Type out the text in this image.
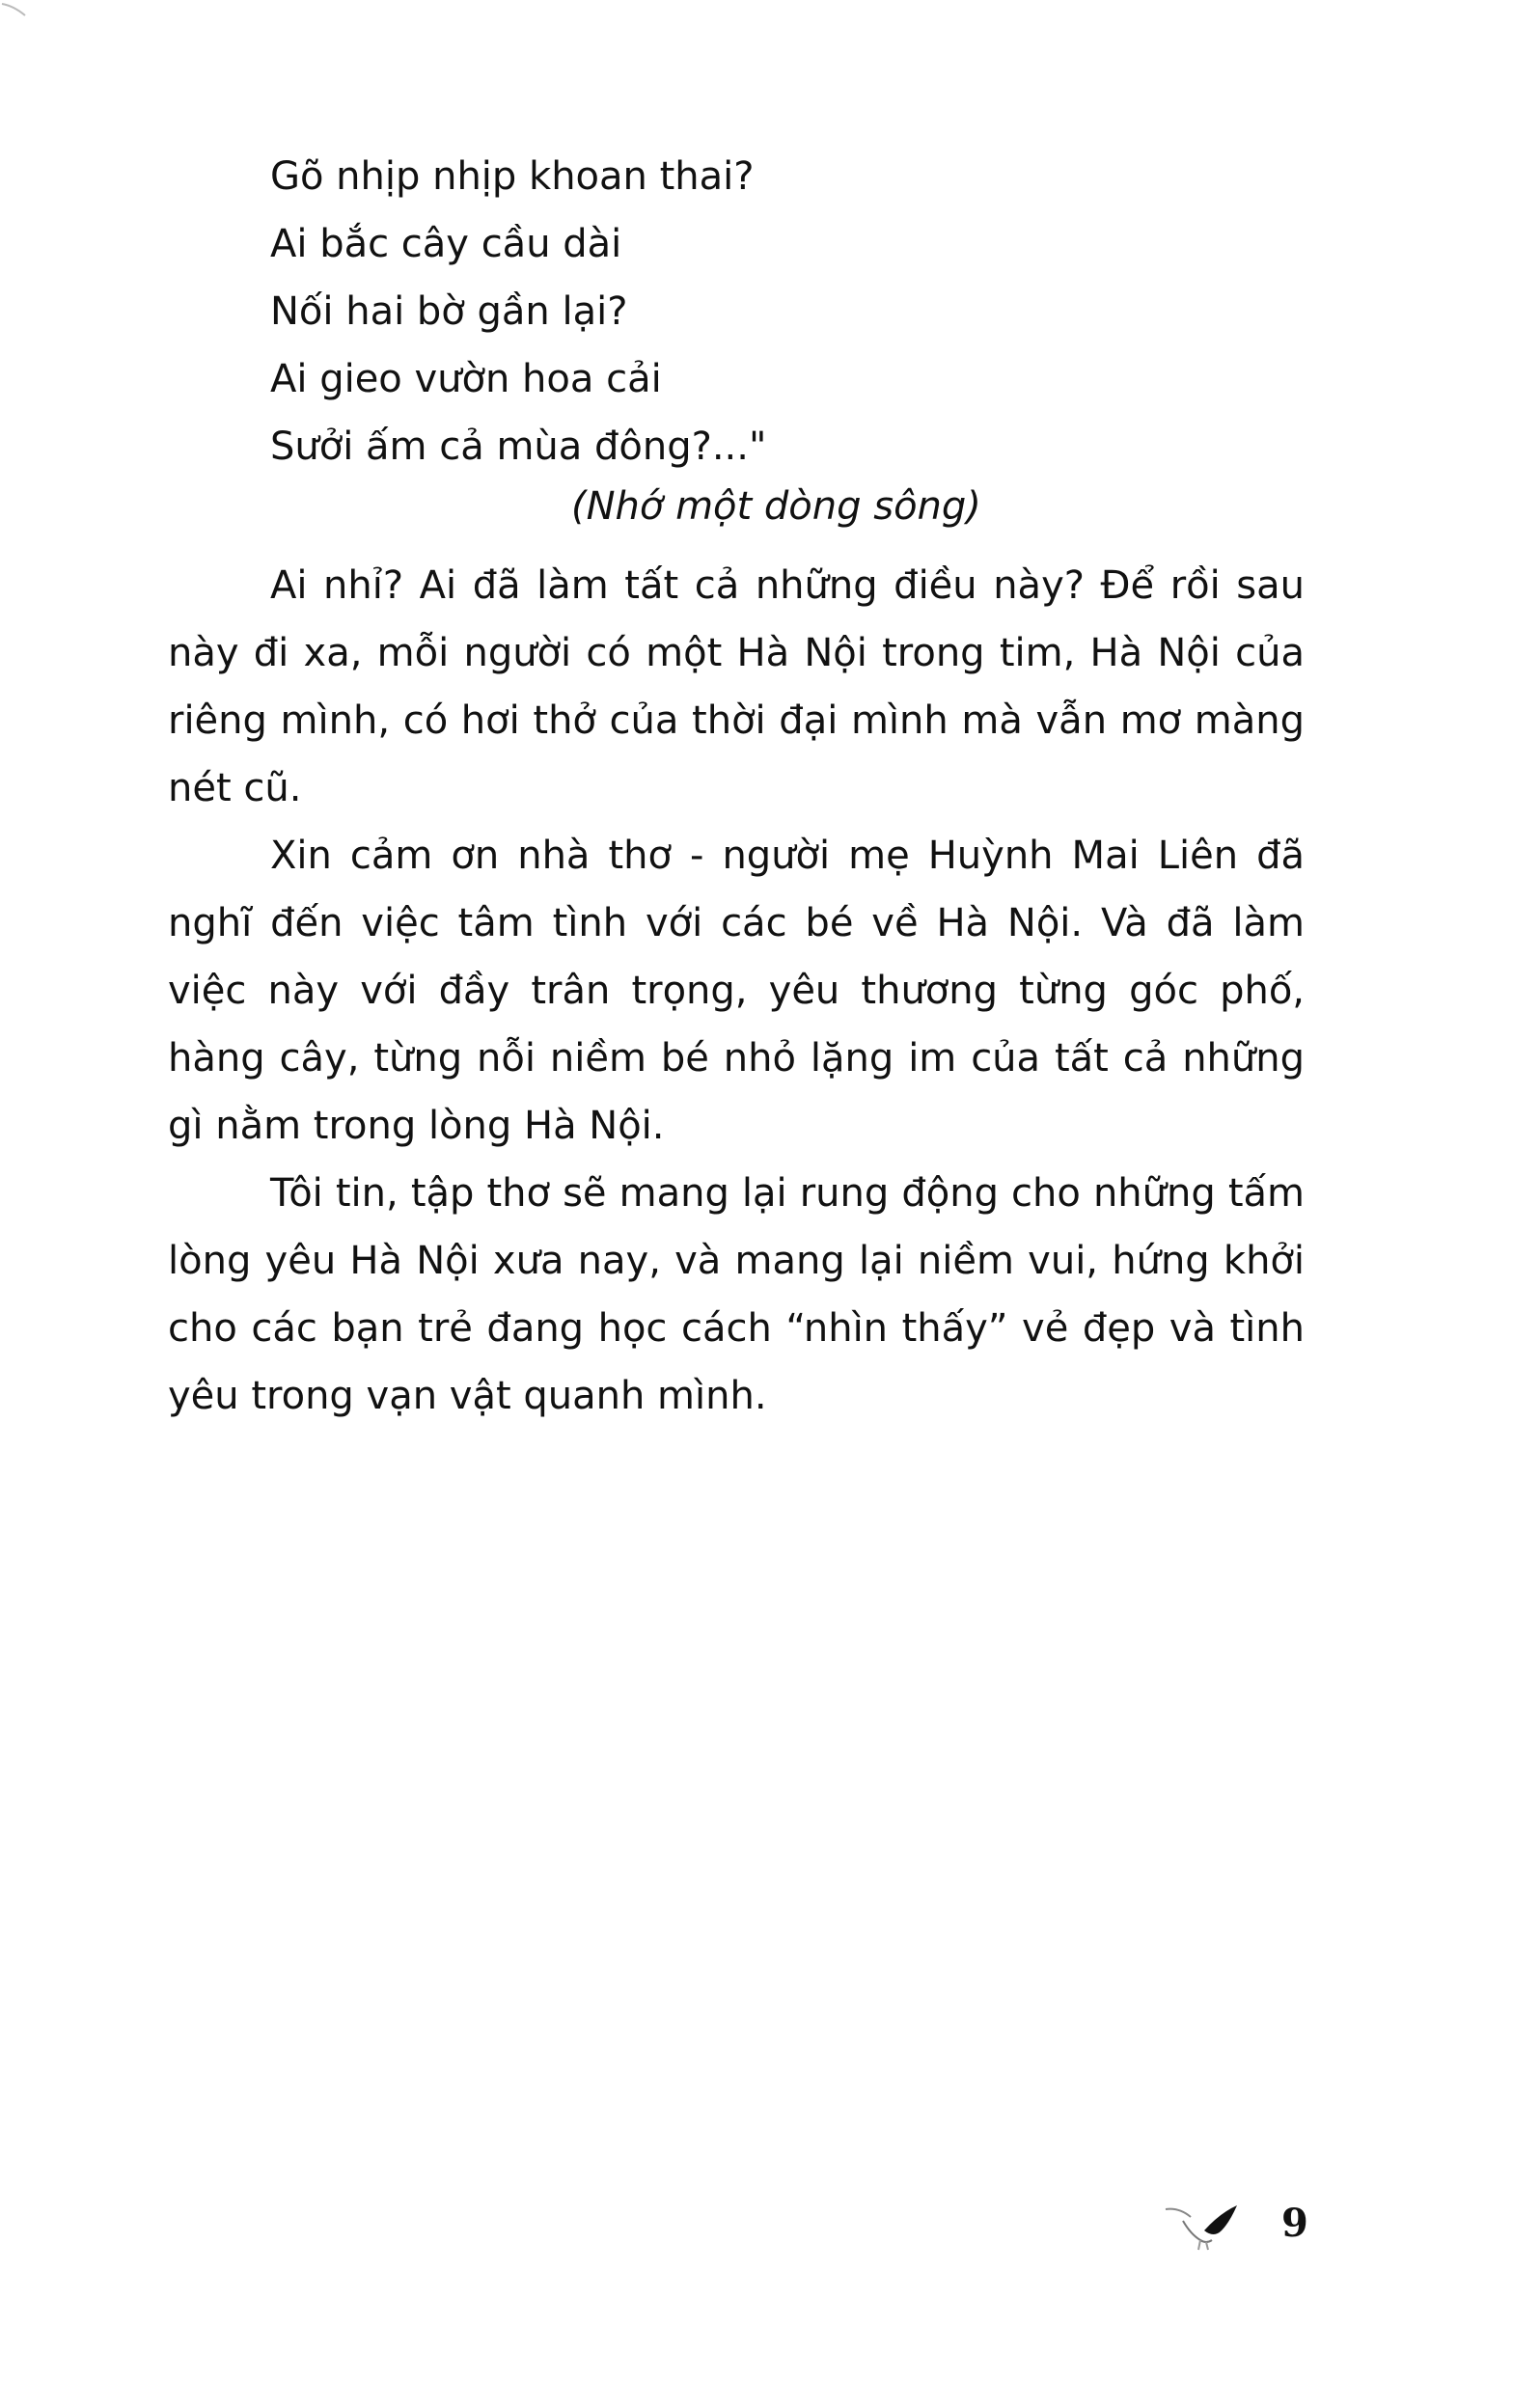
Gõ nhịp nhịp khoan thai?
Ai bắc cây cầu dài
Nối hai bờ gần lại?
Ai gieo vườn hoa cải
Sưởi ấm cả mùa đông?..."
(Nhớ một dòng sông)

Ai nhỉ? Ai đã làm tất cả những điều này? Để rồi sau này đi xa, mỗi người có một Hà Nội trong tim, Hà Nội của riêng mình, có hơi thở của thời đại mình mà vẫn mơ màng nét cũ.

Xin cảm ơn nhà thơ - người mẹ Huỳnh Mai Liên đã nghĩ đến việc tâm tình với các bé về Hà Nội. Và đã làm việc này với đầy trân trọng, yêu thương từng góc phố, hàng cây, từng nỗi niềm bé nhỏ lặng im của tất cả những gì nằm trong lòng Hà Nội.

Tôi tin, tập thơ sẽ mang lại rung động cho những tấm lòng yêu Hà Nội xưa nay, và mang lại niềm vui, hứng khởi cho các bạn trẻ đang học cách “nhìn thấy” vẻ đẹp và tình yêu trong vạn vật quanh mình.

9
